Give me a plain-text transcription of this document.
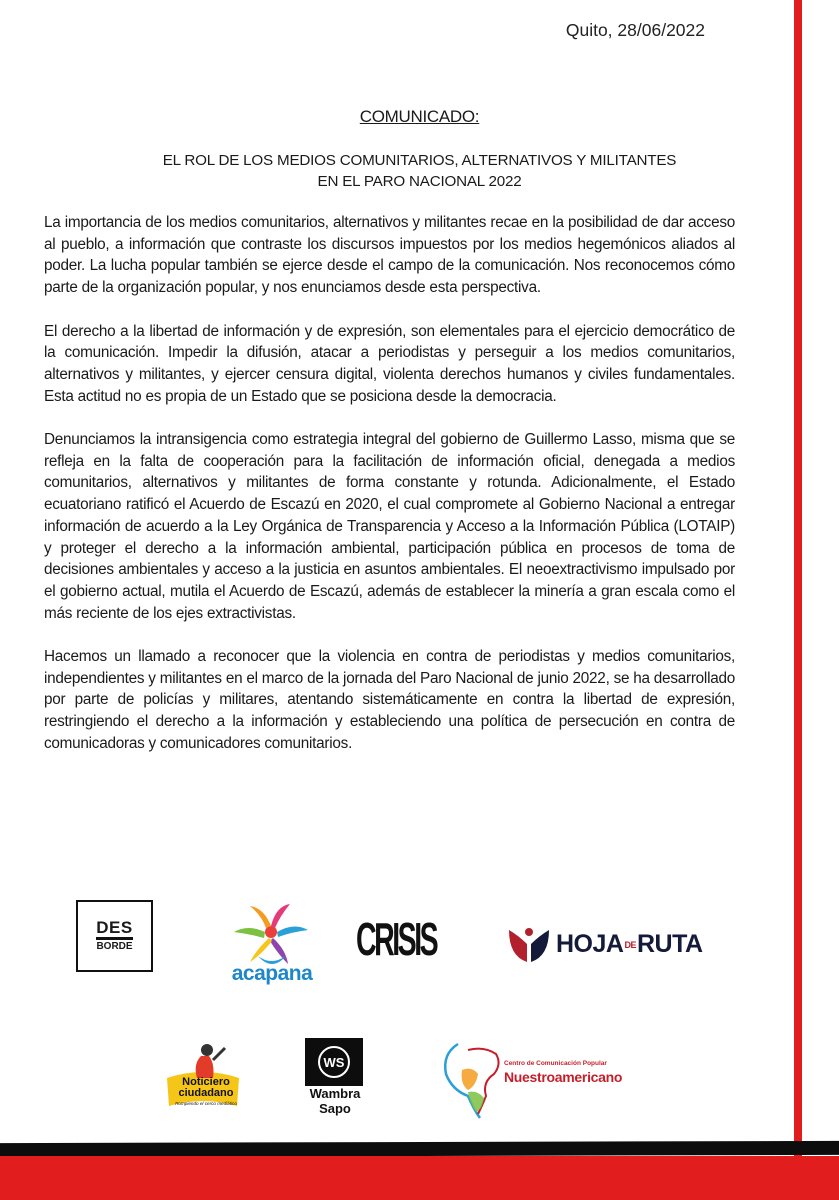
Quito, 28/06/2022
COMUNICADO:
EL ROL DE LOS MEDIOS COMUNITARIOS, ALTERNATIVOS Y MILITANTES
EN EL PARO NACIONAL 2022

La importancia de los medios comunitarios, alternativos y militantes recae en la posibilidad de dar acceso al pueblo, a información que contraste los discursos impuestos por los medios hegemónicos aliados al poder. La lucha popular también se ejerce desde el campo de la comunicación. Nos reconocemos cómo parte de la organización popular, y nos enunciamos desde esta perspectiva.

El derecho a la libertad de información y de expresión, son elementales para el ejercicio democrático de la comunicación. Impedir la difusión, atacar a periodistas y perseguir a los medios comunitarios, alternativos y militantes, y ejercer censura digital, violenta derechos humanos y civiles fundamentales. Esta actitud no es propia de un Estado que se posiciona desde la democracia.

Denunciamos la intransigencia como estrategia integral del gobierno de Guillermo Lasso, misma que se refleja en la falta de cooperación para la facilitación de información oficial, denegada a medios comunitarios, alternativos y militantes de forma constante y rotunda. Adicionalmente, el Estado ecuatoriano ratificó el Acuerdo de Escazú en 2020, el cual compromete al Gobierno Nacional a entregar información de acuerdo a la Ley Orgánica de Transparencia y Acceso a la Información Pública (LOTAIP) y proteger el derecho a la información ambiental, participación pública en procesos de toma de decisiones ambientales y acceso a la justicia en asuntos ambientales. El neoextractivismo impulsado por el gobierno actual, mutila el Acuerdo de Escazú, además de establecer la minería a gran escala como el más reciente de los ejes extractivistas.

Hacemos un llamado a reconocer que la violencia en contra de periodistas y medios comunitarios, independientes y militantes en el marco de la jornada del Paro Nacional de junio 2022, se ha desarrollado por parte de policías y militares, atentando sistemáticamente en contra la libertad de expresión, restringiendo el derecho a la información y estableciendo una política de persecución en contra de comunicadoras y comunicadores comunitarios.

DES
BORDE
acapana
CRISIS	HOJADERUTA
Noticiero
ciudadano
Rompiendo el cerco mediático
WS
Wambra
Sapo
Centro de Comunicación Popular
Nuestroamericano
